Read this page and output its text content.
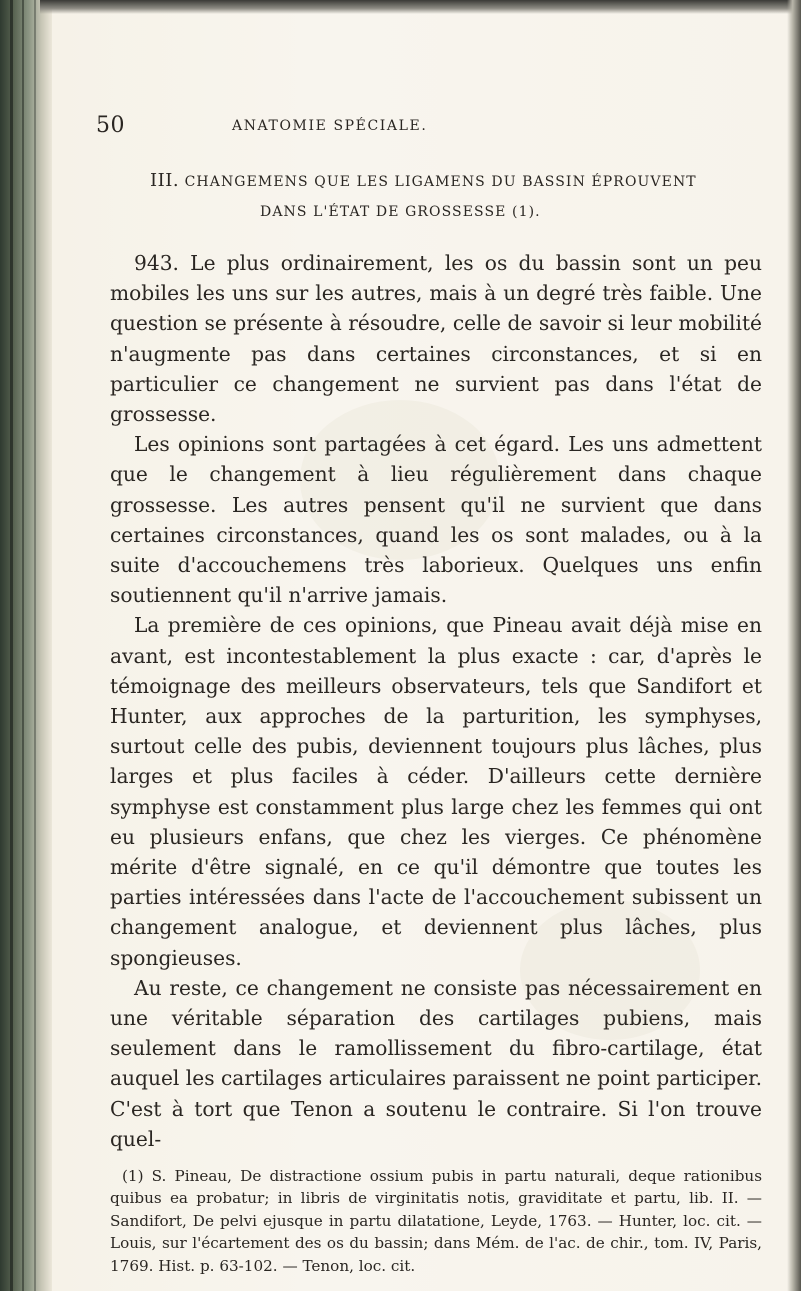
50	ANATOMIE SPÉCIALE.
III. CHANGEMENS QUE LES LIGAMENS DU BASSIN ÉPROUVENT
DANS L'ÉTAT DE GROSSESSE (1).

943. Le plus ordinairement, les os du bassin sont un peu mobiles les uns sur les autres, mais à un degré très faible. Une question se présente à résoudre, celle de savoir si leur mobilité n'augmente pas dans certaines circonstances, et si en particulier ce changement ne survient pas dans l'état de grossesse.

Les opinions sont partagées à cet égard. Les uns admettent que le changement à lieu régulièrement dans chaque grossesse. Les autres pensent qu'il ne survient que dans certaines circonstances, quand les os sont malades, ou à la suite d'accouchemens très laborieux. Quelques uns enfin soutiennent qu'il n'arrive jamais.

La première de ces opinions, que Pineau avait déjà mise en avant, est incontestablement la plus exacte : car, d'après le témoignage des meilleurs observateurs, tels que Sandifort et Hunter, aux approches de la parturition, les symphyses, surtout celle des pubis, deviennent toujours plus lâches, plus larges et plus faciles à céder. D'ailleurs cette dernière symphyse est constamment plus large chez les femmes qui ont eu plusieurs enfans, que chez les vierges. Ce phénomène mérite d'être signalé, en ce qu'il démontre que toutes les parties intéressées dans l'acte de l'accouchement subissent un changement analogue, et deviennent plus lâches, plus spongieuses.

Au reste, ce changement ne consiste pas nécessairement en une véritable séparation des cartilages pubiens, mais seulement dans le ramollissement du fibro-cartilage, état auquel les cartilages articulaires paraissent ne point participer. C'est à tort que Tenon a soutenu le contraire. Si l'on trouve quel-

(1) S. Pineau, De distractione ossium pubis in partu naturali, deque rationibus quibus ea probatur; in libris de virginitatis notis, graviditate et partu, lib. II. — Sandifort, De pelvi ejusque in partu dilatatione, Leyde, 1763. — Hunter, loc. cit. — Louis, sur l'écartement des os du bassin; dans Mém. de l'ac. de chir., tom. IV, Paris, 1769. Hist. p. 63-102. — Tenon, loc. cit.
